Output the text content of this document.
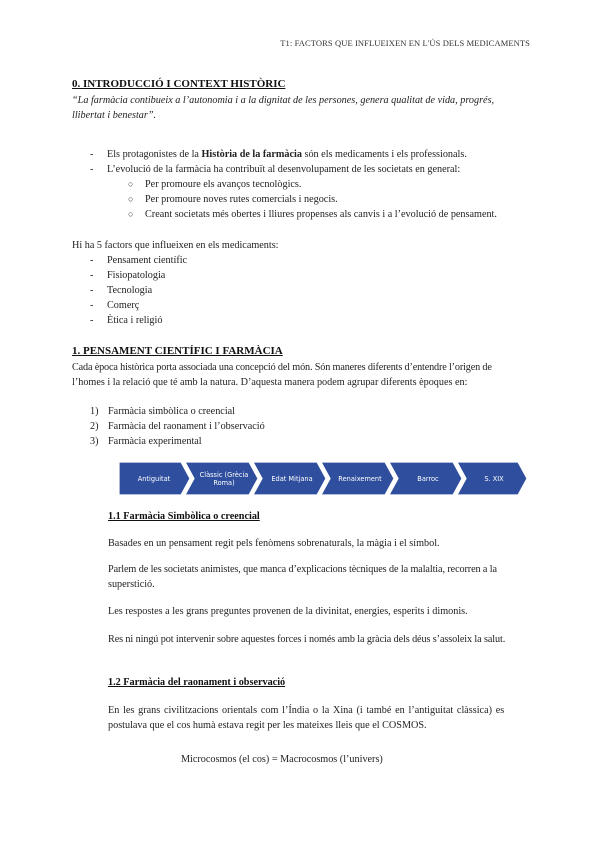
T1: FACTORS QUE INFLUEIXEN EN L'ÚS DELS MEDICAMENTS
0. INTRODUCCIÓ I CONTEXT HISTÒRIC
“La farmàcia contibueix a l’autonomia i a la dignitat de les persones, genera qualitat de vida, progrés,
llibertat i benestar”.
- Els protagonistes de la Història de la farmàcia són els medicaments i els professionals.
- L’evolució de la farmàcia ha contribuït al desenvolupament de les societats en general:
○ Per promoure els avanços tecnològics.
○ Per promoure noves rutes comercials i negocis.
○ Creant societats més obertes i lliures propenses als canvis i a l’evolució de pensament.
Hi ha 5 factors que influeixen en els medicaments:
- Pensament científic
- Fisiopatologia
- Tecnologia
- Comerç
- Ètica i religió
1. PENSAMENT CIENTÍFIC I FARMÀCIA
Cada època històrica porta associada una concepció del món. Són maneres diferents d’entendre l’origen de
l’homes i la relació que té amb la natura. D’aquesta manera podem agrupar diferents èpoques en:
1) Farmàcia simbòlica o creencial
2) Farmàcia del raonament i l’observació
3) Farmàcia experimental
Antiguitat	Clàssic (Grècia
Roma)	Edat Mitjana	Renaixement	Barroc	S. XIX
1.1 Farmàcia Simbòlica o creencial
Basades en un pensament regit pels fenòmens sobrenaturals, la màgia i el símbol.
Parlem de les societats animistes, que manca d’explicacions tècniques de la malaltia, recorren a la
superstició.
Les respostes a les grans preguntes provenen de la divinitat, energies, esperits i dimonis.
Res ni ningú pot intervenir sobre aquestes forces i només amb la gràcia dels déus s’assoleix la salut.
1.2 Farmàcia del raonament i observació
En les grans civilitzacions orientals com l’Índia o la Xina (i també en l’antiguitat clàssica) es
postulava que el cos humà estava regit per les mateixes lleis que el COSMOS.
Microcosmos (el cos) = Macrocosmos (l’univers)
